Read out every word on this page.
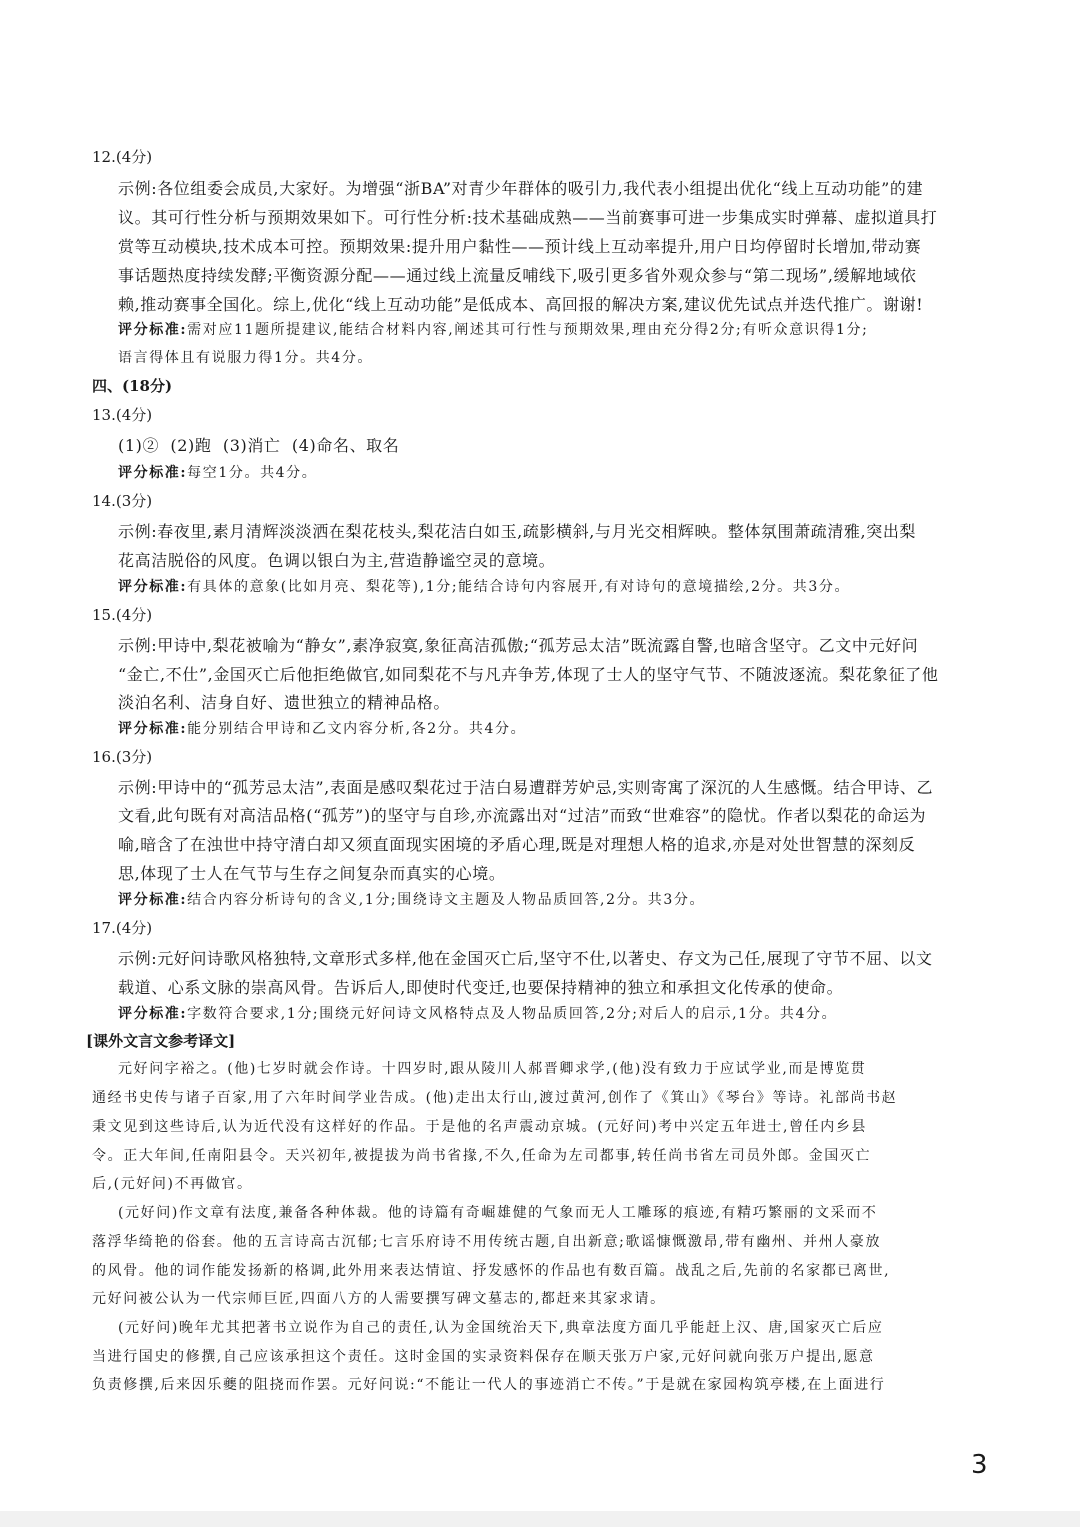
12.(4分)
示例:各位组委会成员,大家好。为增强“浙BA”对青少年群体的吸引力,我代表小组提出优化“线上互动功能”的建
议。其可行性分析与预期效果如下。可行性分析:技术基础成熟——当前赛事可进一步集成实时弹幕、虚拟道具打
赏等互动模块,技术成本可控。预期效果:提升用户黏性——预计线上互动率提升,用户日均停留时长增加,带动赛
事话题热度持续发酵;平衡资源分配——通过线上流量反哺线下,吸引更多省外观众参与“第二现场”,缓解地域依
赖,推动赛事全国化。综上,优化“线上互动功能”是低成本、高回报的解决方案,建议优先试点并迭代推广。谢谢!
评分标准:需对应11题所提建议,能结合材料内容,阐述其可行性与预期效果,理由充分得2分;有听众意识得1分;
语言得体且有说服力得1分。共4分。
四、(18分)
13.(4分)
(1)②  (2)跑  (3)消亡  (4)命名、取名
评分标准:每空1分。共4分。
14.(3分)
示例:春夜里,素月清辉淡淡洒在梨花枝头,梨花洁白如玉,疏影横斜,与月光交相辉映。整体氛围萧疏清雅,突出梨
花高洁脱俗的风度。色调以银白为主,营造静谧空灵的意境。
评分标准:有具体的意象(比如月亮、梨花等),1分;能结合诗句内容展开,有对诗句的意境描绘,2分。共3分。
15.(4分)
示例:甲诗中,梨花被喻为“静女”,素净寂寞,象征高洁孤傲;“孤芳忌太洁”既流露自警,也暗含坚守。乙文中元好问
“金亡,不仕”,金国灭亡后他拒绝做官,如同梨花不与凡卉争芳,体现了士人的坚守气节、不随波逐流。梨花象征了他
淡泊名利、洁身自好、遗世独立的精神品格。
评分标准:能分别结合甲诗和乙文内容分析,各2分。共4分。
16.(3分)
示例:甲诗中的“孤芳忌太洁”,表面是感叹梨花过于洁白易遭群芳妒忌,实则寄寓了深沉的人生感慨。结合甲诗、乙
文看,此句既有对高洁品格(“孤芳”)的坚守与自珍,亦流露出对“过洁”而致“世难容”的隐忧。作者以梨花的命运为
喻,暗含了在浊世中持守清白却又须直面现实困境的矛盾心理,既是对理想人格的追求,亦是对处世智慧的深刻反
思,体现了士人在气节与生存之间复杂而真实的心境。
评分标准:结合内容分析诗句的含义,1分;围绕诗文主题及人物品质回答,2分。共3分。
17.(4分)
示例:元好问诗歌风格独特,文章形式多样,他在金国灭亡后,坚守不仕,以著史、存文为己任,展现了守节不屈、以文
载道、心系文脉的崇高风骨。告诉后人,即使时代变迁,也要保持精神的独立和承担文化传承的使命。
评分标准:字数符合要求,1分;围绕元好问诗文风格特点及人物品质回答,2分;对后人的启示,1分。共4分。
[课外文言文参考译文]
元好问字裕之。(他)七岁时就会作诗。十四岁时,跟从陵川人郝晋卿求学,(他)没有致力于应试学业,而是博览贯
通经书史传与诸子百家,用了六年时间学业告成。(他)走出太行山,渡过黄河,创作了《箕山》《琴台》等诗。礼部尚书赵
秉文见到这些诗后,认为近代没有这样好的作品。于是他的名声震动京城。(元好问)考中兴定五年进士,曾任内乡县
令。正大年间,任南阳县令。天兴初年,被提拔为尚书省掾,不久,任命为左司都事,转任尚书省左司员外郎。金国灭亡
后,(元好问)不再做官。
(元好问)作文章有法度,兼备各种体裁。他的诗篇有奇崛雄健的气象而无人工雕琢的痕迹,有精巧繁丽的文采而不
落浮华绮艳的俗套。他的五言诗高古沉郁;七言乐府诗不用传统古题,自出新意;歌谣慷慨激昂,带有幽州、并州人豪放
的风骨。他的词作能发扬新的格调,此外用来表达情谊、抒发感怀的作品也有数百篇。战乱之后,先前的名家都已离世,
元好问被公认为一代宗师巨匠,四面八方的人需要撰写碑文墓志的,都赶来其家求请。
(元好问)晚年尤其把著书立说作为自己的责任,认为金国统治天下,典章法度方面几乎能赶上汉、唐,国家灭亡后应
当进行国史的修撰,自己应该承担这个责任。这时金国的实录资料保存在顺天张万户家,元好问就向张万户提出,愿意
负责修撰,后来因乐夔的阻挠而作罢。元好问说:“不能让一代人的事迹消亡不传。”于是就在家园构筑亭楼,在上面进行
3
